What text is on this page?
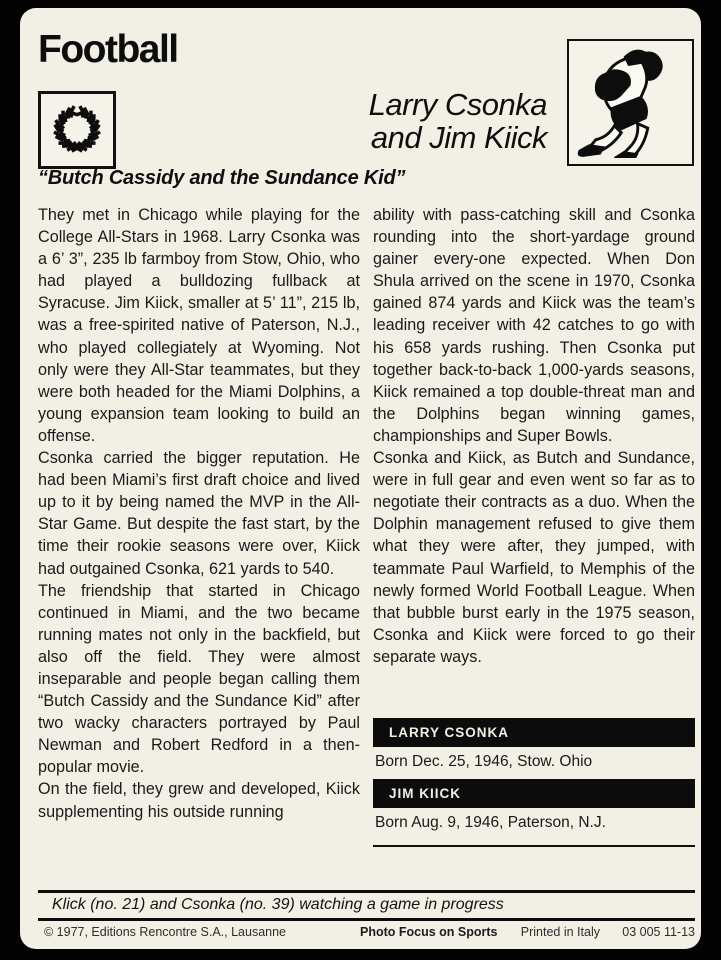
Football
Larry Csonka
and Jim Kiick
“Butch Cassidy and the Sundance Kid”

They met in Chicago while playing for the College All-Stars in 1968. Larry Csonka was a 6’ 3”, 235 lb farmboy from Stow, Ohio, who had played a bulldozing fullback at Syracuse. Jim Kiick, smaller at 5’ 11”, 215 lb, was a free-spirited native of Paterson, N.J., who played collegiately at Wyoming. Not only were they All-Star teammates, but they were both headed for the Miami Dolphins, a young expansion team looking to build an offense.

Csonka carried the bigger reputation. He had been Miami’s first draft choice and lived up to it by being named the MVP in the All-Star Game. But despite the fast start, by the time their rookie seasons were over, Kiick had outgained Csonka, 621 yards to 540.

The friendship that started in Chicago continued in Miami, and the two became running mates not only in the backfield, but also off the field. They were almost inseparable and people began calling them “Butch Cassidy and the Sundance Kid” after two wacky characters portrayed by Paul Newman and Robert Redford in a then-popular movie.

On the field, they grew and developed, Kiick supplementing his outside running

ability with pass-catching skill and Csonka rounding into the short-yardage ground gainer every-one expected. When Don Shula arrived on the scene in 1970, Csonka gained 874 yards and Kiick was the team’s leading receiver with 42 catches to go with his 658 yards rushing. Then Csonka put together back-to-back 1,000-yards seasons, Kiick remained a top double-threat man and the Dolphins began winning games, championships and Super Bowls.

Csonka and Kiick, as Butch and Sundance, were in full gear and even went so far as to negotiate their contracts as a duo. When the Dolphin management refused to give them what they were after, they jumped, with teammate Paul Warfield, to Memphis of the newly formed World Football League. When that bubble burst early in the 1975 season, Csonka and Kiick were forced to go their separate ways.

LARRY CSONKA
Born Dec. 25, 1946, Stow. Ohio
JIM KIICK
Born Aug. 9, 1946, Paterson, N.J.
Klick (no. 21) and Csonka (no. 39) watching a game in progress
© 1977, Editions Rencontre S.A., Lausanne	Photo Focus on Sports Printed in Italy 03 005 11-13
